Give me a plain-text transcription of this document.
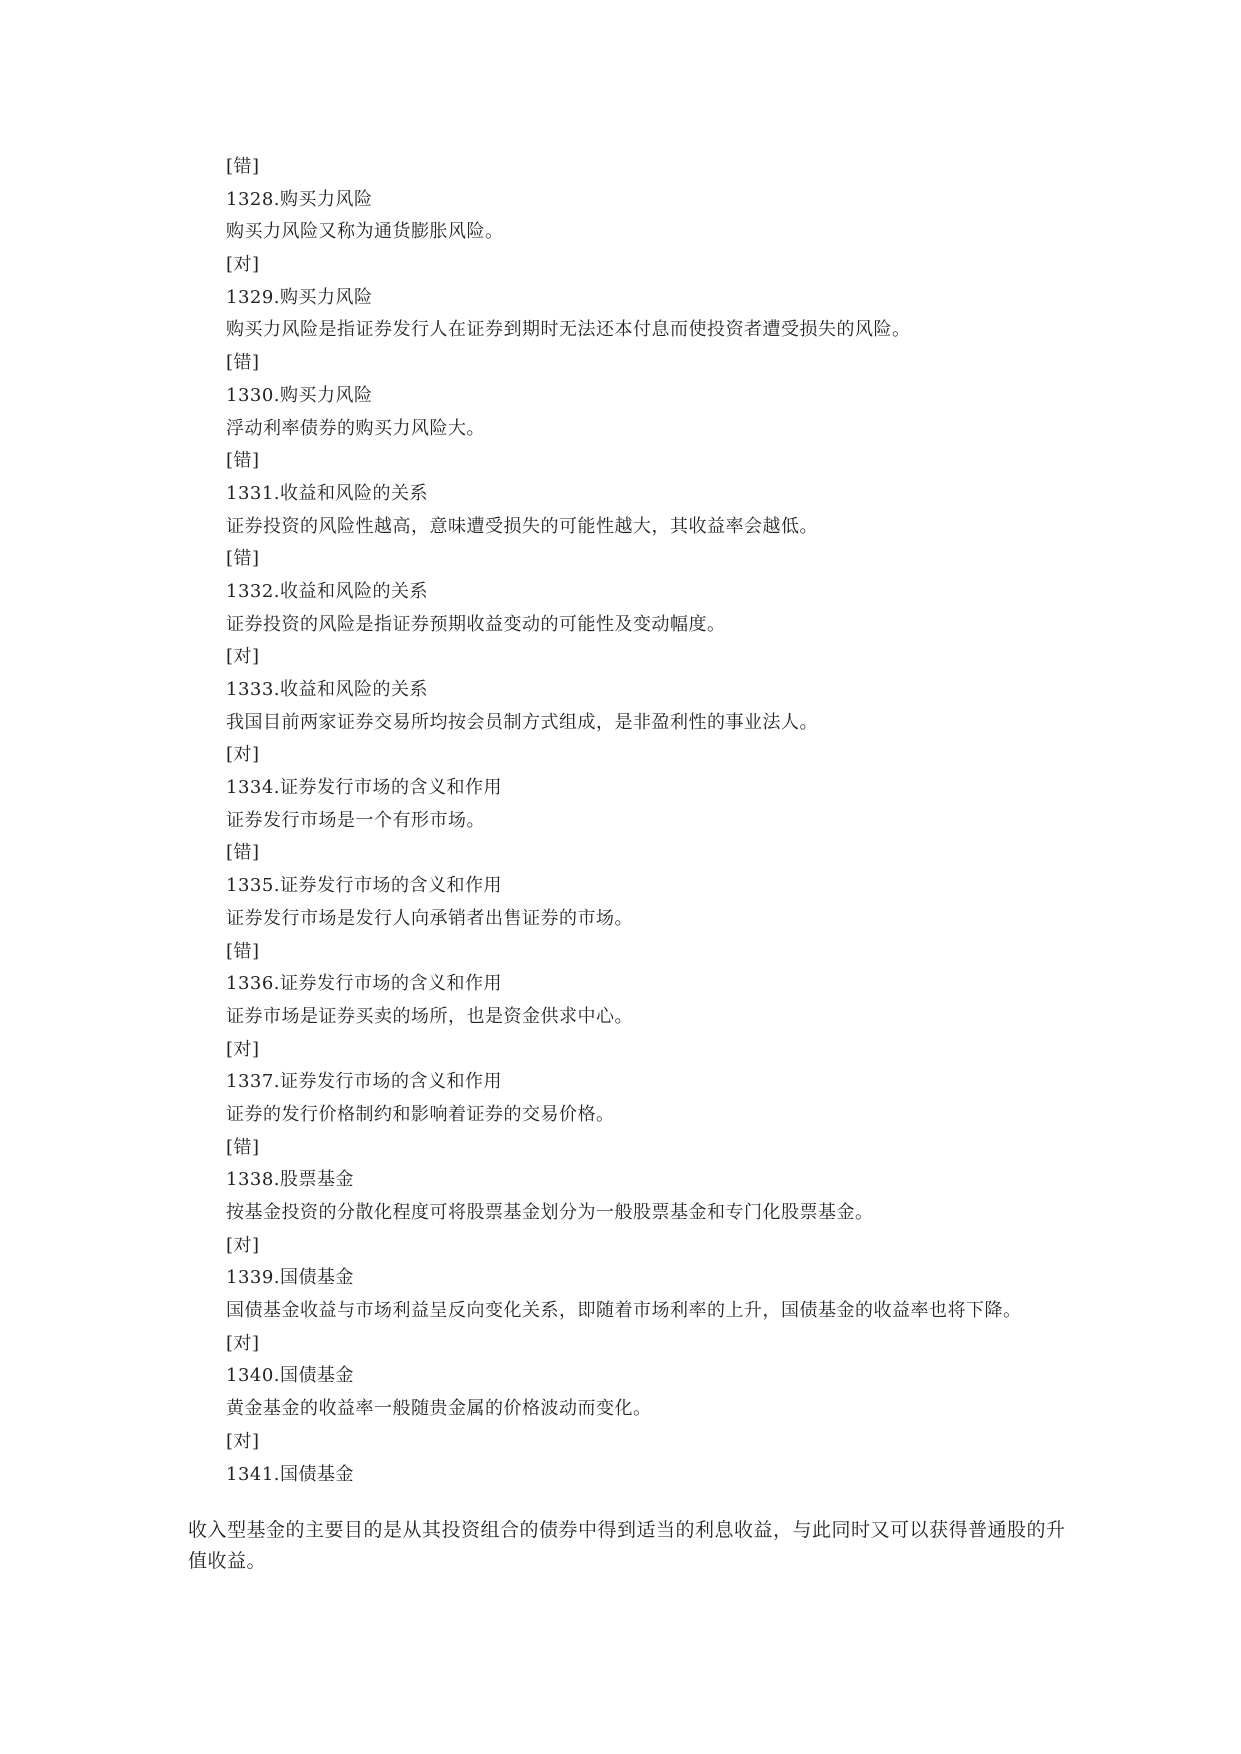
[错]
1328.购买力风险
购买力风险又称为通货膨胀风险。
[对]
1329.购买力风险
购买力风险是指证券发行人在证券到期时无法还本付息而使投资者遭受损失的风险。
[错]
1330.购买力风险
浮动利率债券的购买力风险大。
[错]
1331.收益和风险的关系
证券投资的风险性越高，意味遭受损失的可能性越大，其收益率会越低。
[错]
1332.收益和风险的关系
证券投资的风险是指证券预期收益变动的可能性及变动幅度。
[对]
1333.收益和风险的关系
我国目前两家证券交易所均按会员制方式组成，是非盈利性的事业法人。
[对]
1334.证券发行市场的含义和作用
证券发行市场是一个有形市场。
[错]
1335.证券发行市场的含义和作用
证券发行市场是发行人向承销者出售证券的市场。
[错]
1336.证券发行市场的含义和作用
证券市场是证券买卖的场所，也是资金供求中心。
[对]
1337.证券发行市场的含义和作用
证券的发行价格制约和影响着证券的交易价格。
[错]
1338.股票基金
按基金投资的分散化程度可将股票基金划分为一般股票基金和专门化股票基金。
[对]
1339.国债基金
国债基金收益与市场利益呈反向变化关系，即随着市场利率的上升，国债基金的收益率也将下降。
[对]
1340.国债基金
黄金基金的收益率一般随贵金属的价格波动而变化。
[对]
1341.国债基金
收入型基金的主要目的是从其投资组合的债券中得到适当的利息收益，与此同时又可以获得普通股的升值收益。
